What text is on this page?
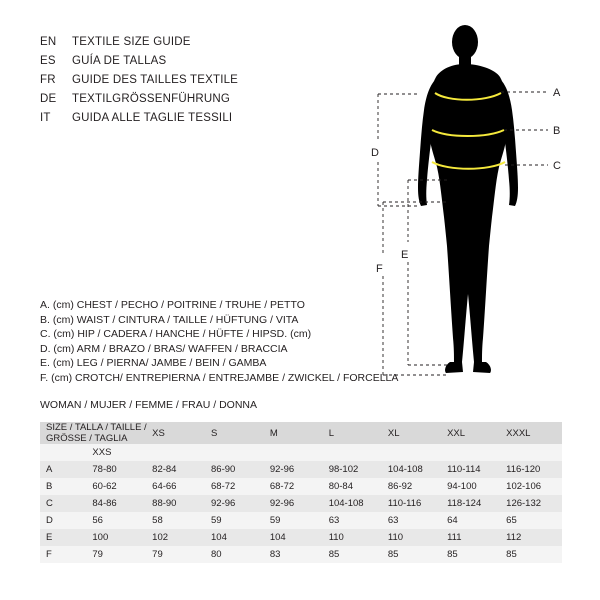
EN	TEXTILE SIZE GUIDE
ES	GUÍA DE TALLAS
FR	GUIDE DES TAILLES TEXTILE
DE	TEXTILGRÖSSENFÜHRUNG
IT	GUIDA ALLE TAGLIE TESSILI
A
B
C
D
E
F
A. (cm) CHEST / PECHO / POITRINE / TRUHE / PETTO
B. (cm) WAIST / CINTURA / TAILLE / HÜFTUNG / VITA
C. (cm) HIP / CADERA / HANCHE / HÜFTE / HIPSD. (cm)
D. (cm) ARM / BRAZO / BRAS/ WAFFEN / BRACCIA
E. (cm) LEG / PIERNA/ JAMBE / BEIN / GAMBA
F. (cm) CROTCH/ ENTREPIERNA / ENTREJAMBE / ZWICKEL / FORCELLA
WOMAN / MUJER / FEMME / FRAU / DONNA
SIZE / TALLA / TAILLE / GRÖSSE / TAGLIA		XS	S	M	L	XL	XXL	XXXL
	XXS							
A	78-80	82-84	86-90	92-96	98-102	104-108	110-114	116-120
B	60-62	64-66	68-72	68-72	80-84	86-92	94-100	102-106
C	84-86	88-90	92-96	92-96	104-108	110-116	118-124	126-132
D	56	58	59	59	63	63	64	65
E	100	102	104	104	110	110	111	112
F	79	79	80	83	85	85	85	85
